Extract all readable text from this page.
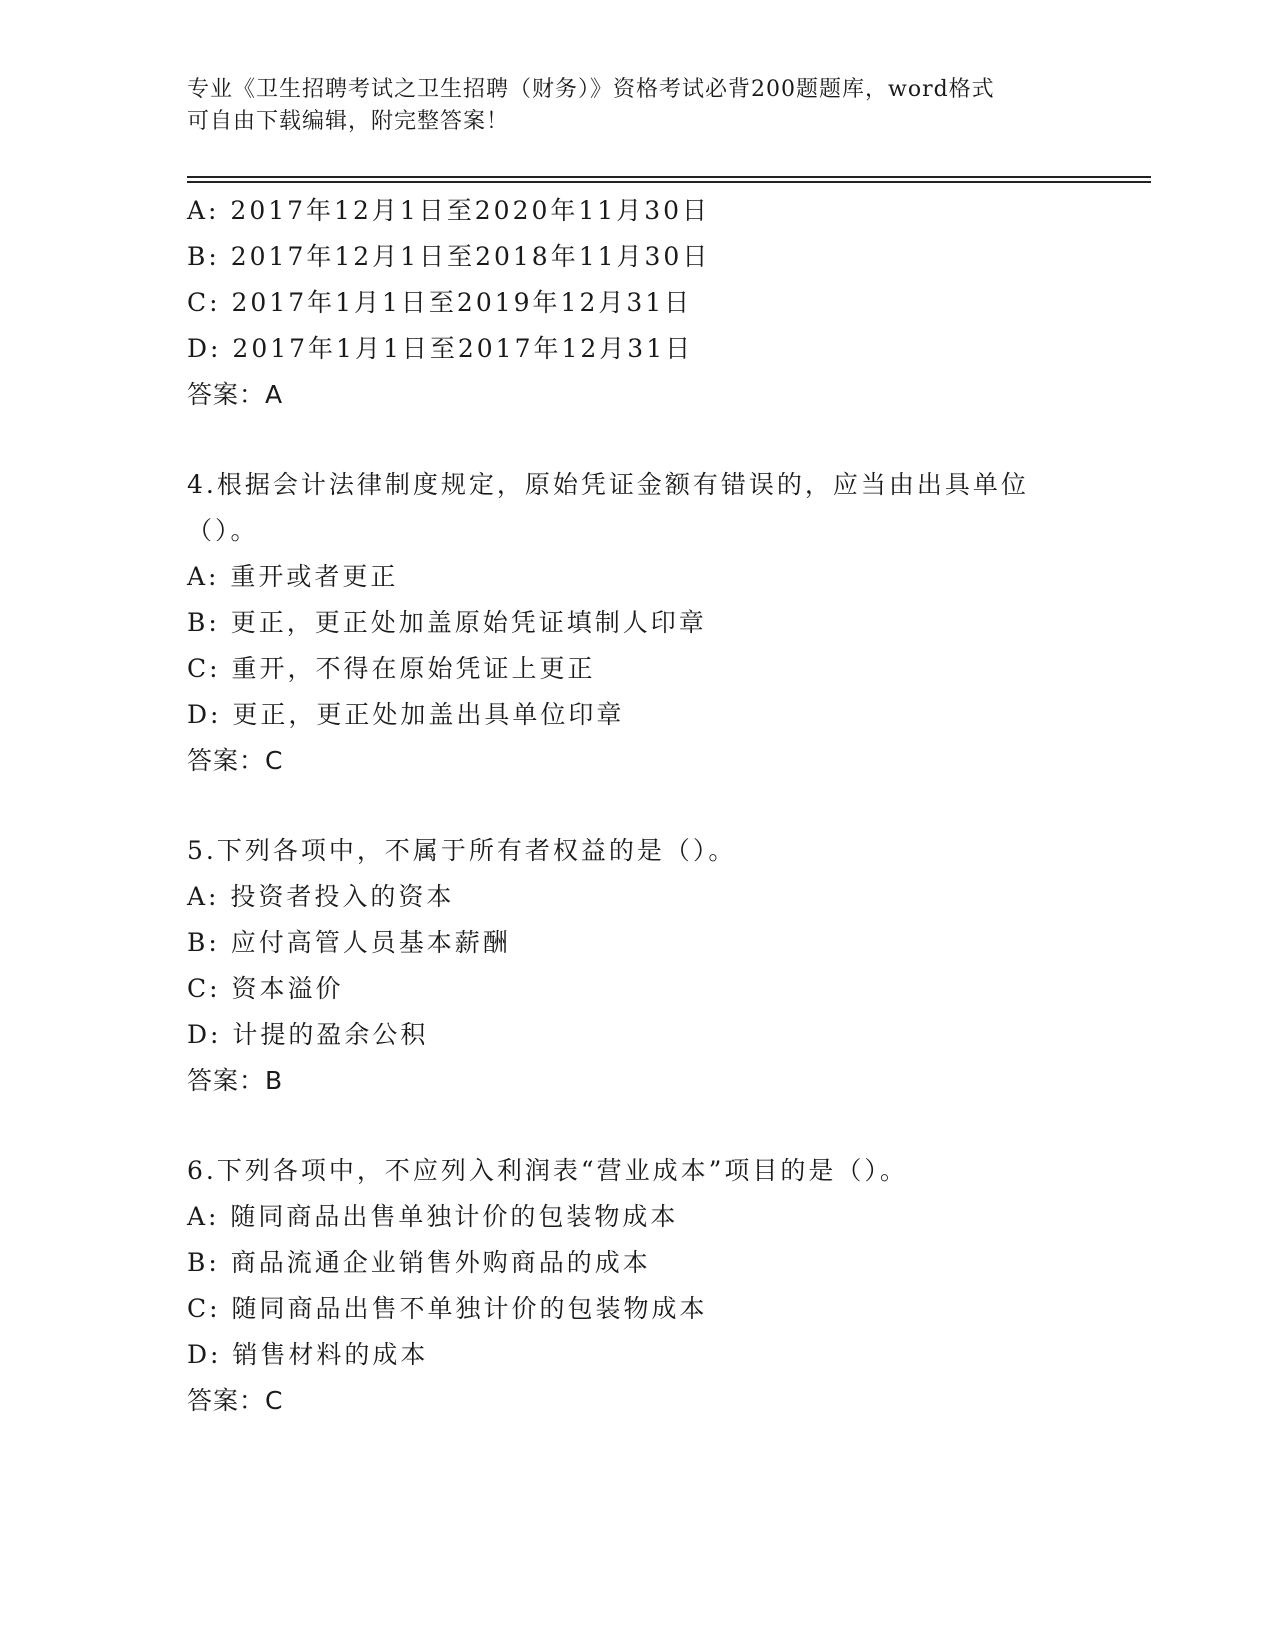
专业《卫生招聘考试之卫生招聘（财务）》资格考试必背200题题库，word格式
可自由下载编辑，附完整答案！
A: 2017年12月1日至2020年11月30日
B: 2017年12月1日至2018年11月30日
C: 2017年1月1日至2019年12月31日
D: 2017年1月1日至2017年12月31日
答案：A
4.根据会计法律制度规定，原始凭证金额有错误的，应当由出具单位（）。
A: 重开或者更正
B: 更正，更正处加盖原始凭证填制人印章
C: 重开，不得在原始凭证上更正
D: 更正，更正处加盖出具单位印章
答案：C
5.下列各项中，不属于所有者权益的是（）。
A: 投资者投入的资本
B: 应付高管人员基本薪酬
C: 资本溢价
D: 计提的盈余公积
答案：B
6.下列各项中，不应列入利润表“营业成本”项目的是（）。
A: 随同商品出售单独计价的包装物成本
B: 商品流通企业销售外购商品的成本
C: 随同商品出售不单独计价的包装物成本
D: 销售材料的成本
答案：C
